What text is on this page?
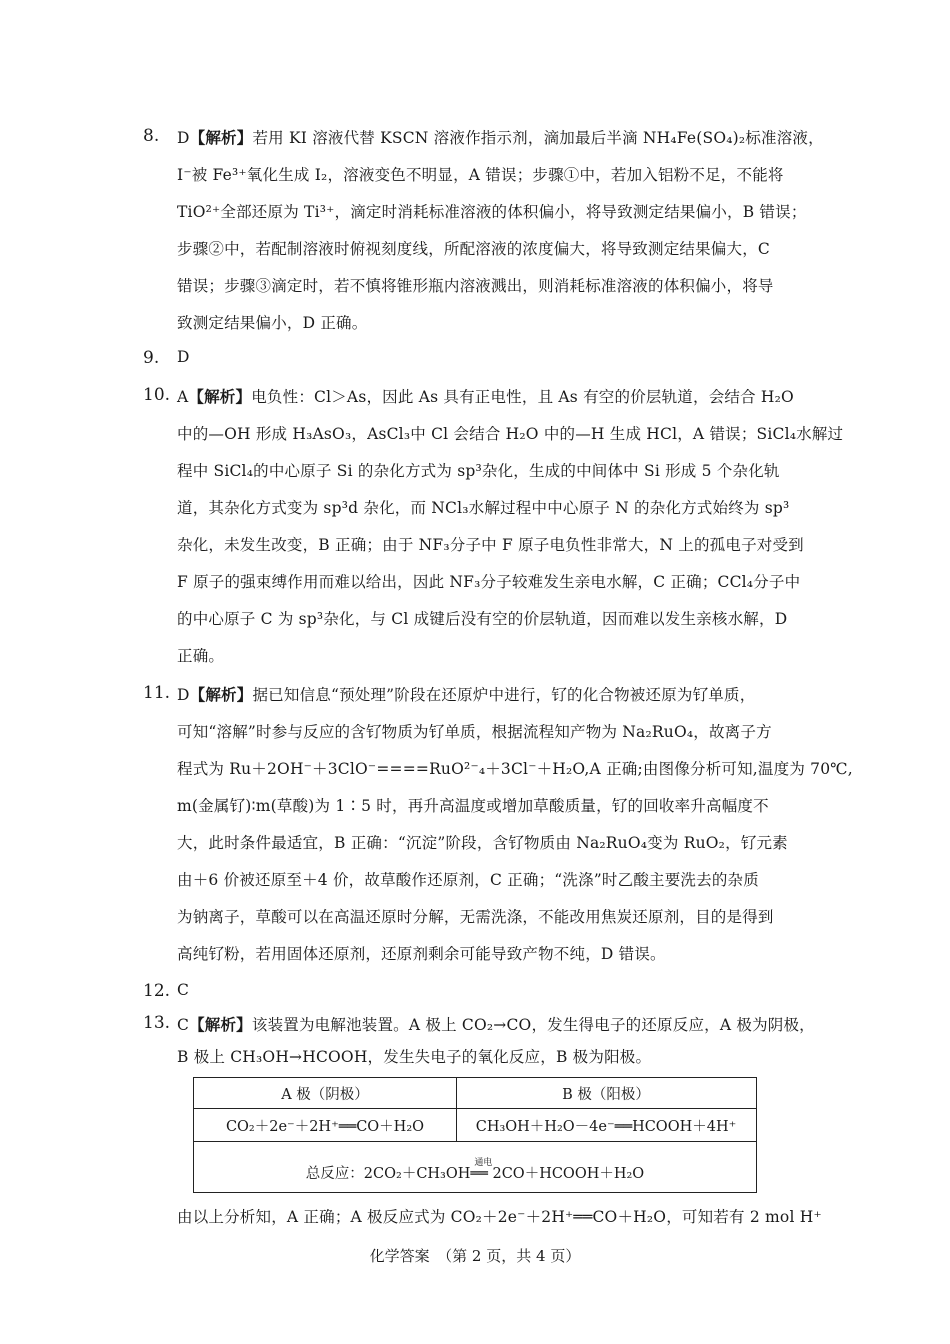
8. D【解析】若用 KI 溶液代替 KSCN 溶液作指示剂，滴加最后半滴 NH₄Fe(SO₄)₂标准溶液，
I⁻被 Fe³⁺氧化生成 I₂，溶液变色不明显，A 错误；步骤①中，若加入铝粉不足，不能将
TiO²⁺全部还原为 Ti³⁺，滴定时消耗标准溶液的体积偏小，将导致测定结果偏小，B 错误；
步骤②中，若配制溶液时俯视刻度线，所配溶液的浓度偏大，将导致测定结果偏大，C
错误；步骤③滴定时，若不慎将锥形瓶内溶液溅出，则消耗标准溶液的体积偏小，将导
致测定结果偏小，D 正确。
9. D
10. A【解析】电负性：Cl＞As，因此 As 具有正电性，且 As 有空的价层轨道，会结合 H₂O
中的—OH 形成 H₃AsO₃，AsCl₃中 Cl 会结合 H₂O 中的—H 生成 HCl，A 错误；SiCl₄水解过
程中 SiCl₄的中心原子 Si 的杂化方式为 sp³杂化，生成的中间体中 Si 形成 5 个杂化轨
道，其杂化方式变为 sp³d 杂化，而 NCl₃水解过程中中心原子 N 的杂化方式始终为 sp³
杂化，未发生改变，B 正确；由于 NF₃分子中 F 原子电负性非常大，N 上的孤电子对受到
F 原子的强束缚作用而难以给出，因此 NF₃分子较难发生亲电水解，C 正确；CCl₄分子中
的中心原子 C 为 sp³杂化，与 Cl 成键后没有空的价层轨道，因而难以发生亲核水解，D
正确。
11. D【解析】据已知信息“预处理”阶段在还原炉中进行，钌的化合物被还原为钌单质，
可知“溶解”时参与反应的含钌物质为钌单质，根据流程知产物为 Na₂RuO₄，故离子方
程式为 Ru＋2OH⁻＋3ClO⁻====RuO²⁻₄＋3Cl⁻＋H₂O,A 正确;由图像分析可知,温度为 70℃,
m(金属钌)∶m(草酸)为 1∶5 时，再升高温度或增加草酸质量，钌的回收率升高幅度不
大，此时条件最适宜，B 正确：“沉淀”阶段，含钌物质由 Na₂RuO₄变为 RuO₂，钌元素
由＋6 价被还原至＋4 价，故草酸作还原剂，C 正确；“洗涤”时乙酸主要洗去的杂质
为钠离子，草酸可以在高温还原时分解，无需洗涤，不能改用焦炭还原剂，目的是得到
高纯钌粉，若用固体还原剂，还原剂剩余可能导致产物不纯，D 错误。
12. C
13. C【解析】该装置为电解池装置。A 极上 CO₂→CO，发生得电子的还原反应，A 极为阴极，
B 极上 CH₃OH→HCOOH，发生失电子的氧化反应，B 极为阳极。
A 极（阴极）	B 极（阳极）
CO₂＋2e⁻＋2H⁺══CO＋H₂O	CH₃OH＋H₂O－4e⁻══HCOOH＋4H⁺
总反应：2CO₂＋CH₃OH
通电
══ 2CO＋HCOOH＋H₂O
由以上分析知，A 正确；A 极反应式为 CO₂＋2e⁻＋2H⁺══CO＋H₂O，可知若有 2 mol H⁺
化学答案　（第 2 页，共 4 页）
